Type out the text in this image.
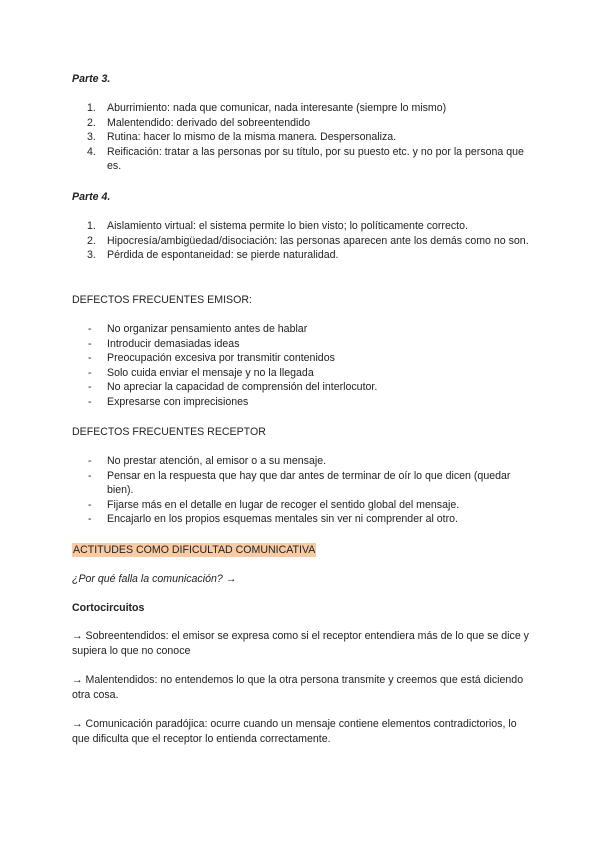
Parte 3.

1. Aburrimiento: nada que comunicar, nada interesante (siempre lo mismo)
2. Malentendido: derivado del sobreentendido
3. Rutina: hacer lo mismo de la misma manera. Despersonaliza.
4. Reificación: tratar a las personas por su título, por su puesto etc. y no por la persona que es.

Parte 4.

1. Aislamiento virtual: el sistema permite lo bien visto; lo políticamente correcto.
2. Hipocresía/ambigüedad/disociación: las personas aparecen ante los demás como no son.
3. Pérdida de espontaneidad: se pierde naturalidad.

DEFECTOS FRECUENTES EMISOR:

- No organizar pensamiento antes de hablar
- Introducir demasiadas ideas
- Preocupación excesiva por transmitir contenidos
- Solo cuida enviar el mensaje y no la llegada
- No apreciar la capacidad de comprensión del interlocutor.
- Expresarse con imprecisiones

DEFECTOS FRECUENTES RECEPTOR

- No prestar atención, al emisor o a su mensaje.
- Pensar en la respuesta que hay que dar antes de terminar de oír lo que dicen (quedar bien).
- Fijarse más en el detalle en lugar de recoger el sentido global del mensaje.
- Encajarlo en los propios esquemas mentales sin ver ni comprender al otro.

ACTITUDES COMO DIFICULTAD COMUNICATIVA

¿Por qué falla la comunicación? →

Cortocircuitos

→ Sobreentendidos: el emisor se expresa como si el receptor entendiera más de lo que se dice y supiera lo que no conoce

→ Malentendidos: no entendemos lo que la otra persona transmite y creemos que está diciendo otra cosa.

→ Comunicación paradójica: ocurre cuando un mensaje contiene elementos contradictorios, lo que dificulta que el receptor lo entienda correctamente.
